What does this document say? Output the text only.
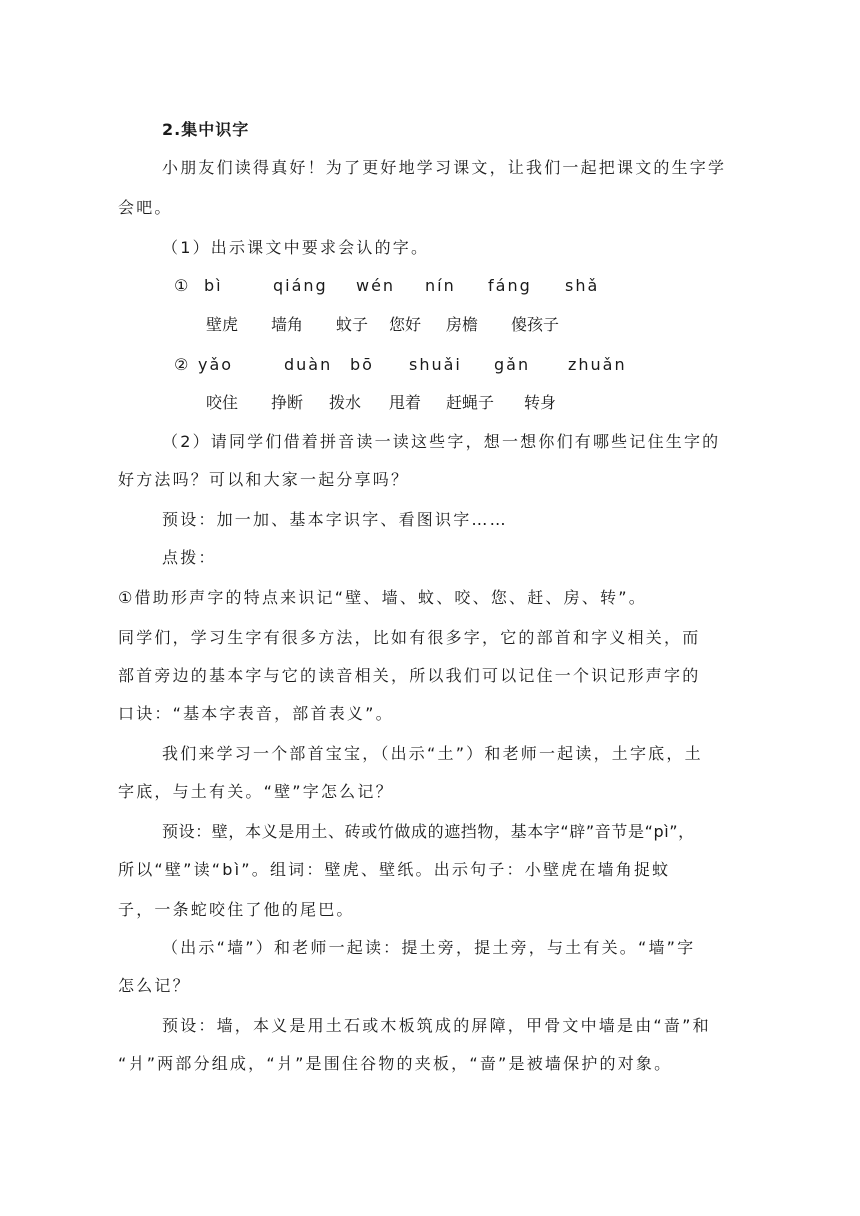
2.集中识字
小朋友们读得真好！为了更好地学习课文，让我们一起把课文的生字学
会吧。
（1）出示课文中要求会认的字。
① bì	qiáng wén nín fáng shǎ
壁虎 墙角 蚊子 您好 房檐 傻孩子
② yǎo	duàn bō shuǎi gǎn zhuǎn
咬住 挣断 拨水 甩着 赶蝇子 转身
（2）请同学们借着拼音读一读这些字，想一想你们有哪些记住生字的
好方法吗？可以和大家一起分享吗？
预设：加一加、基本字识字、看图识字……
点拨：
①借助形声字的特点来识记“壁、墙、蚊、咬、您、赶、房、转”。
同学们，学习生字有很多方法，比如有很多字，它的部首和字义相关，而
部首旁边的基本字与它的读音相关，所以我们可以记住一个识记形声字的
口诀：“基本字表音，部首表义”。
我们来学习一个部首宝宝，（出示“土”）和老师一起读，土字底，土
字底，与土有关。“壁”字怎么记？
预设：壁，本义是用土、砖或竹做成的遮挡物，基本字“辟”音节是“pì”，
所以“壁”读“bì”。组词：壁虎、壁纸。出示句子：小壁虎在墙角捉蚊
子，一条蛇咬住了他的尾巴。
（出示“墙”）和老师一起读：提土旁，提土旁，与土有关。“墙”字
怎么记？
预设：墙，本义是用土石或木板筑成的屏障，甲骨文中墙是由“啬”和
“爿”两部分组成，“爿”是围住谷物的夹板，“啬”是被墙保护的对象。
